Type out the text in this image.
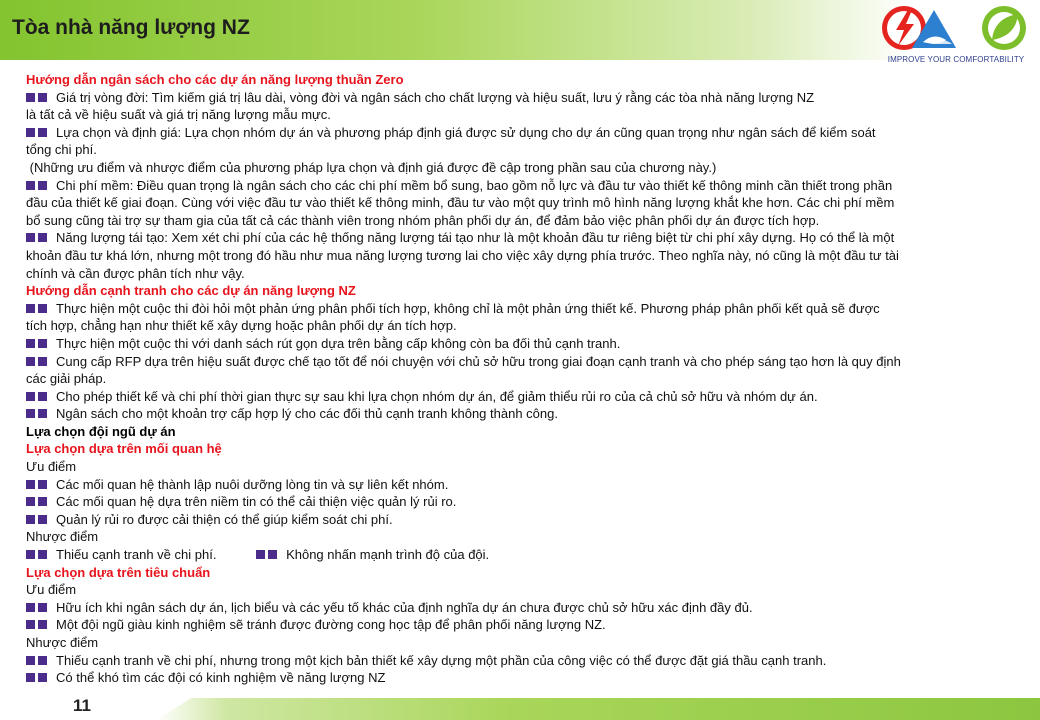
Tòa nhà năng lượng NZ
IMPROVE YOUR COMFORTABILITY
Hướng dẫn ngân sách cho các dự án năng lượng thuần Zero
Giá trị vòng đời: Tìm kiếm giá trị lâu dài, vòng đời và ngân sách cho chất lượng và hiệu suất, lưu ý rằng các tòa nhà năng lượng NZ
là tất cả về hiệu suất và giá trị năng lượng mẫu mực.
Lựa chọn và định giá: Lựa chọn nhóm dự án và phương pháp định giá được sử dụng cho dự án cũng quan trọng như ngân sách để kiểm soát
tổng chi phí.
(Những ưu điểm và nhược điểm của phương pháp lựa chọn và định giá được đề cập trong phần sau của chương này.)
Chi phí mềm: Điều quan trọng là ngân sách cho các chi phí mềm bổ sung, bao gồm nỗ lực và đầu tư vào thiết kế thông minh cần thiết trong phần
đầu của thiết kế giai đoạn. Cùng với việc đầu tư vào thiết kế thông minh, đầu tư vào một quy trình mô hình năng lượng khắt khe hơn. Các chi phí mềm
bổ sung cũng tài trợ sự tham gia của tất cả các thành viên trong nhóm phân phối dự án, để đảm bảo việc phân phối dự án được tích hợp.
Năng lượng tái tạo: Xem xét chi phí của các hệ thống năng lượng tái tạo như là một khoản đầu tư riêng biệt từ chi phí xây dựng. Họ có thể là một
khoản đầu tư khá lớn, nhưng một trong đó hầu như mua năng lượng tương lai cho việc xây dựng phía trước. Theo nghĩa này, nó cũng là một đầu tư tài
chính và cần được phân tích như vậy.
Hướng dẫn cạnh tranh cho các dự án năng lượng NZ
Thực hiện một cuộc thi đòi hỏi một phản ứng phân phối tích hợp, không chỉ là một phản ứng thiết kế. Phương pháp phân phối kết quả sẽ được
tích hợp, chẳng hạn như thiết kế xây dựng hoặc phân phối dự án tích hợp.
Thực hiện một cuộc thi với danh sách rút gọn dựa trên bằng cấp không còn ba đối thủ cạnh tranh.
Cung cấp RFP dựa trên hiệu suất được chế tạo tốt để nói chuyện với chủ sở hữu trong giai đoạn cạnh tranh và cho phép sáng tạo hơn là quy định
các giải pháp.
Cho phép thiết kế và chi phí thời gian thực sự sau khi lựa chọn nhóm dự án, để giảm thiểu rủi ro của cả chủ sở hữu và nhóm dự án.
Ngân sách cho một khoản trợ cấp hợp lý cho các đối thủ cạnh tranh không thành công.
Lựa chọn đội ngũ dự án
Lựa chọn dựa trên mối quan hệ
Ưu điểm
Các mối quan hệ thành lập nuôi dưỡng lòng tin và sự liên kết nhóm.
Các mối quan hệ dựa trên niềm tin có thể cải thiện việc quản lý rủi ro.
Quản lý rủi ro được cải thiện có thể giúp kiểm soát chi phí.
Nhược điểm
Thiếu cạnh tranh về chi phí.	Không nhấn mạnh trình độ của đội.
Lựa chọn dựa trên tiêu chuẩn
Ưu điểm
Hữu ích khi ngân sách dự án, lịch biểu và các yếu tố khác của định nghĩa dự án chưa được chủ sở hữu xác định đầy đủ.
Một đội ngũ giàu kinh nghiệm sẽ tránh được đường cong học tập để phân phối năng lượng NZ.
Nhược điểm
Thiếu cạnh tranh về chi phí, nhưng trong một kịch bản thiết kế xây dựng một phần của công việc có thể được đặt giá thầu cạnh tranh.
Có thể khó tìm các đội có kinh nghiệm về năng lượng NZ
11
